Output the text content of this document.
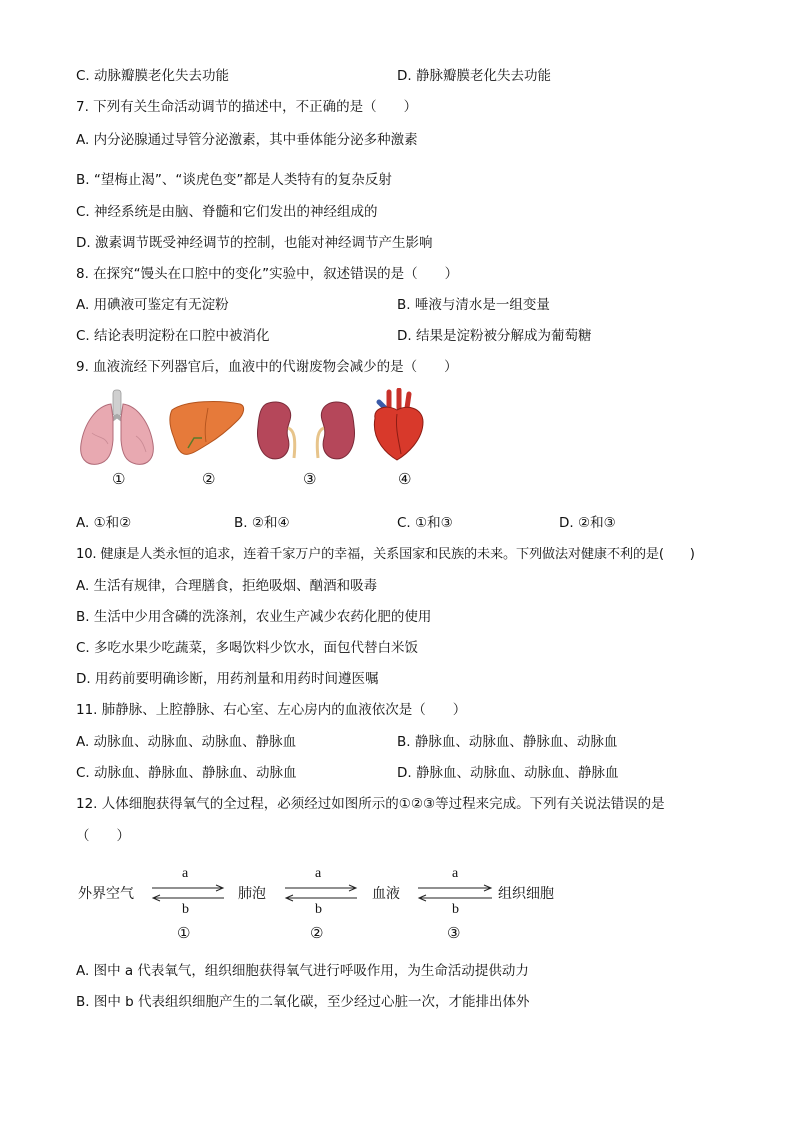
C. 动脉瓣膜老化失去功能	D. 静脉瓣膜老化失去功能
7. 下列有关生命活动调节的描述中，不正确的是（　　）
A. 内分泌腺通过导管分泌激素，其中垂体能分泌多种激素
B. “望梅止渴”、“谈虎色变”都是人类特有的复杂反射
C. 神经系统是由脑、脊髓和它们发出的神经组成的
D. 激素调节既受神经调节的控制，也能对神经调节产生影响
8. 在探究“馒头在口腔中的变化”实验中，叙述错误的是（　　）
A. 用碘液可鉴定有无淀粉	B. 唾液与清水是一组变量
C. 结论表明淀粉在口腔中被消化	D. 结果是淀粉被分解成为葡萄糖
9. 血液流经下列器官后，血液中的代谢废物会减少的是（　　）
①	②	③	④
A. ①和②	B. ②和④	C. ①和③	D. ②和③
10. 健康是人类永恒的追求，连着千家万户的幸福，关系国家和民族的未来。下列做法对健康不利的是(　　)
A. 生活有规律，合理膳食，拒绝吸烟、酗酒和吸毒
B. 生活中少用含磷的洗涤剂，农业生产减少农药化肥的使用
C. 多吃水果少吃蔬菜，多喝饮料少饮水，面包代替白米饭
D. 用药前要明确诊断，用药剂量和用药时间遵医嘱
11. 肺静脉、上腔静脉、右心室、左心房内的血液依次是（　　）
A. 动脉血、动脉血、动脉血、静脉血	B. 静脉血、动脉血、静脉血、动脉血
C. 动脉血、静脉血、静脉血、动脉血	D. 静脉血、动脉血、动脉血、静脉血
12. 人体细胞获得氧气的全过程，必须经过如图所示的①②③等过程来完成。下列有关说法错误的是
（　　）
外界空气	肺泡	血液	组织细胞
a	a	a
b	b	b
①	②	③
A. 图中 a 代表氧气，组织细胞获得氧气进行呼吸作用，为生命活动提供动力
B. 图中 b 代表组织细胞产生的二氧化碳，至少经过心脏一次，才能排出体外
